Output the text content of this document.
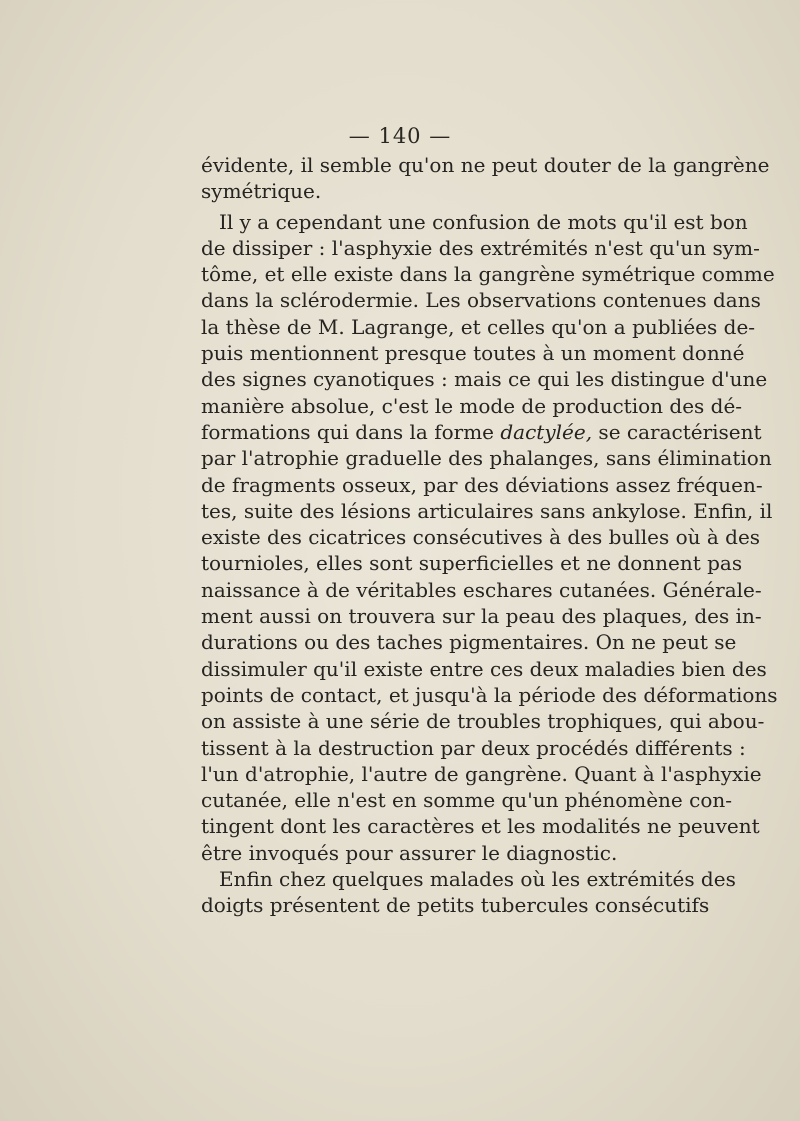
— 140 —
évidente, il semble qu'on ne peut douter de la gangrène
symétrique.
Il y a cependant une confusion de mots qu'il est bon
de dissiper : l'asphyxie des extrémités n'est qu'un sym-
tôme, et elle existe dans la gangrène symétrique comme
dans la sclérodermie. Les observations contenues dans
la thèse de M. Lagrange, et celles qu'on a publiées de-
puis mentionnent presque toutes à un moment donné
des signes cyanotiques : mais ce qui les distingue d'une
manière absolue, c'est le mode de production des dé-
formations qui dans la forme dactylée, se caractérisent
par l'atrophie graduelle des phalanges, sans élimination
de fragments osseux, par des déviations assez fréquen-
tes, suite des lésions articulaires sans ankylose. Enfin, il
existe des cicatrices consécutives à des bulles où à des
tournioles, elles sont superficielles et ne donnent pas
naissance à de véritables eschares cutanées. Générale-
ment aussi on trouvera sur la peau des plaques, des in-
durations ou des taches pigmentaires. On ne peut se
dissimuler qu'il existe entre ces deux maladies bien des
points de contact, et jusqu'à la période des déformations
on assiste à une série de troubles trophiques, qui abou-
tissent à la destruction par deux procédés différents :
l'un d'atrophie, l'autre de gangrène. Quant à l'asphyxie
cutanée, elle n'est en somme qu'un phénomène con-
tingent dont les caractères et les modalités ne peuvent
être invoqués pour assurer le diagnostic.
Enfin chez quelques malades où les extrémités des
doigts présentent de petits tubercules consécutifs
